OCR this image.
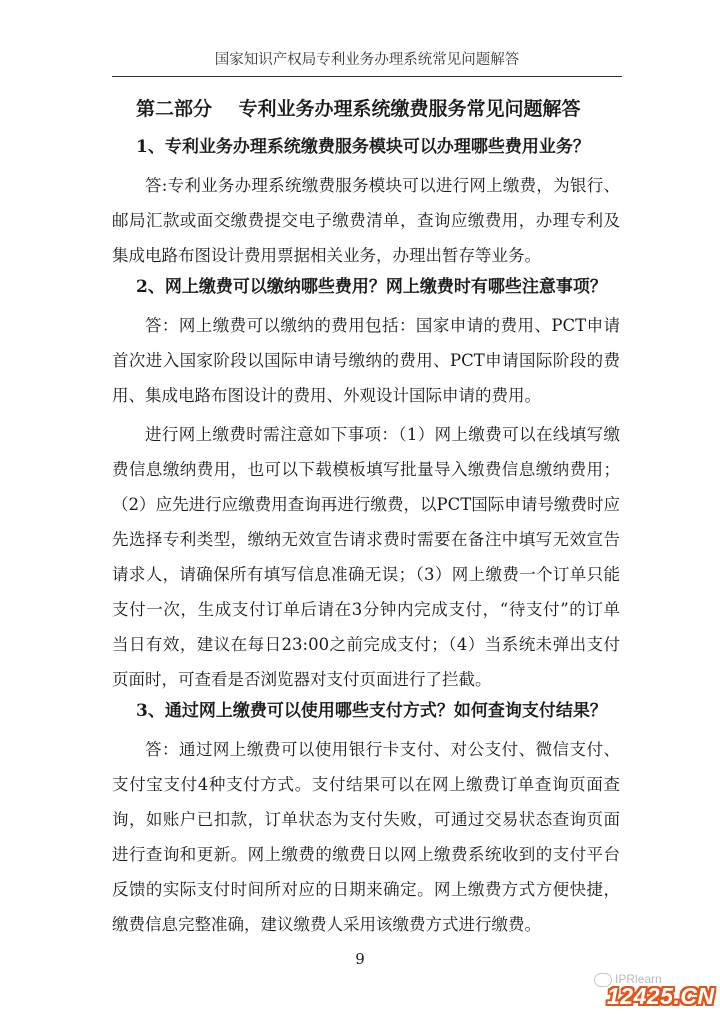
国家知识产权局专利业务办理系统常见问题解答
第二部分    专利业务办理系统缴费服务常见问题解答
1、专利业务办理系统缴费服务模块可以办理哪些费用业务？
答:专利业务办理系统缴费服务模块可以进行网上缴费，为银行、
邮局汇款或面交缴费提交电子缴费清单，查询应缴费用，办理专利及
集成电路布图设计费用票据相关业务，办理出暂存等业务。
2、网上缴费可以缴纳哪些费用？网上缴费时有哪些注意事项？
答：网上缴费可以缴纳的费用包括：国家申请的费用、PCT申请
首次进入国家阶段以国际申请号缴纳的费用、PCT申请国际阶段的费
用、集成电路布图设计的费用、外观设计国际申请的费用。
进行网上缴费时需注意如下事项：（1）网上缴费可以在线填写缴
费信息缴纳费用，也可以下载模板填写批量导入缴费信息缴纳费用；
（2）应先进行应缴费用查询再进行缴费，以PCT国际申请号缴费时应
先选择专利类型，缴纳无效宣告请求费时需要在备注中填写无效宣告
请求人，请确保所有填写信息准确无误；（3）网上缴费一个订单只能
支付一次，生成支付订单后请在3分钟内完成支付，“待支付”的订单
当日有效，建议在每日23:00之前完成支付；（4）当系统未弹出支付
页面时，可查看是否浏览器对支付页面进行了拦截。
3、通过网上缴费可以使用哪些支付方式？如何查询支付结果？
答：通过网上缴费可以使用银行卡支付、对公支付、微信支付、
支付宝支付4种支付方式。支付结果可以在网上缴费订单查询页面查
询，如账户已扣款，订单状态为支付失败，可通过交易状态查询页面
进行查询和更新。网上缴费的缴费日以网上缴费系统收到的支付平台
反馈的实际支付时间所对应的日期来确定。网上缴费方式方便快捷，
缴费信息完整准确，建议缴费人采用该缴费方式进行缴费。
9
IPRlearn
12425.CN
